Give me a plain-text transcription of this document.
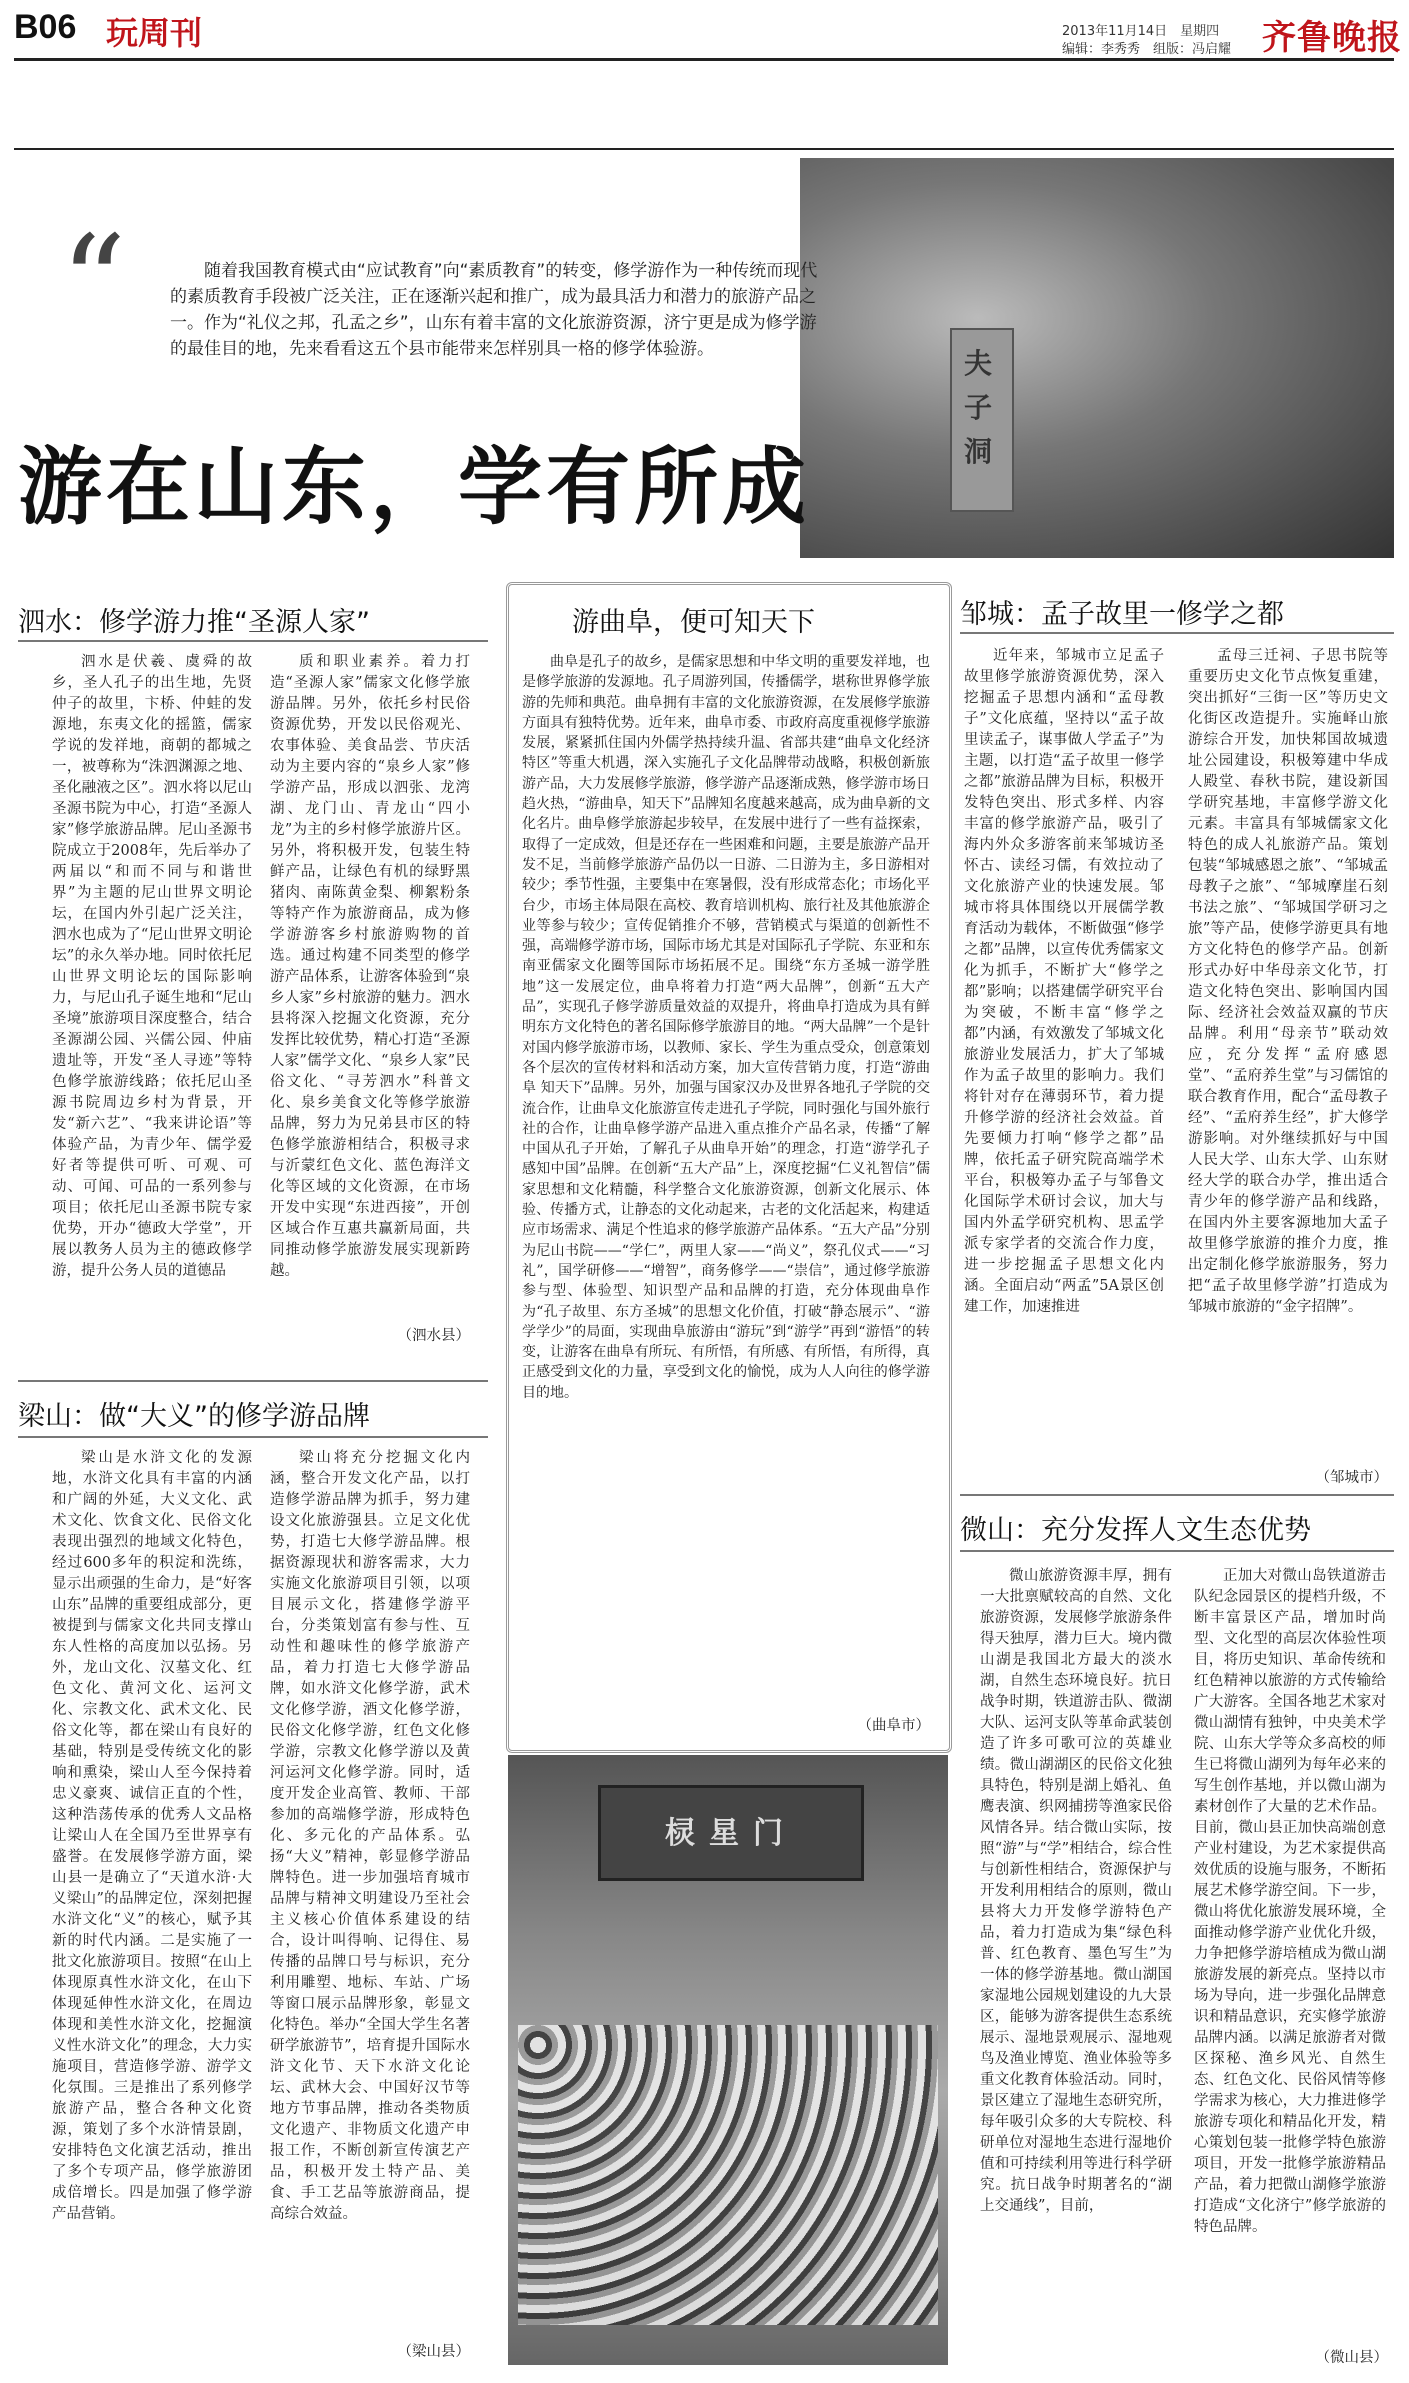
B06 玩周刊	2013年11月14日　星期四
编辑：李秀秀　组版：冯启耀 齐鲁晚报
夫子洞
“	随着我国教育模式由“应试教育”向“素质教育”的转变，修学游作为一种传统而现代的素质教育手段被广泛关注，正在逐渐兴起和推广，成为最具活力和潜力的旅游产品之一。作为“礼仪之邦，孔孟之乡”，山东有着丰富的文化旅游资源，济宁更是成为修学游的最佳目的地，先来看看这五个县市能带来怎样别具一格的修学体验游。
游在山东，学有所成
泗水：修学游力推“圣源人家”

泗水是伏羲、虞舜的故乡，圣人孔子的出生地，先贤仲子的故里，卞桥、仲蛙的发源地，东夷文化的摇篮，儒家学说的发祥地，商朝的都城之一，被尊称为“洙泗渊源之地、圣化融液之区”。泗水将以尼山圣源书院为中心，打造“圣源人家”修学旅游品牌。尼山圣源书院成立于2008年，先后举办了两届以“和而不同与和谐世界”为主题的尼山世界文明论坛，在国内外引起广泛关注，泗水也成为了“尼山世界文明论坛”的永久举办地。同时依托尼山世界文明论坛的国际影响力，与尼山孔子诞生地和“尼山圣境”旅游项目深度整合，结合圣源湖公园、兴儒公园、仲庙遗址等，开发“圣人寻迹”等特色修学旅游线路；依托尼山圣源书院周边乡村为背景，开发“新六艺”、“我来讲论语”等体验产品，为青少年、儒学爱好者等提供可听、可观、可动、可闻、可品的一系列参与项目；依托尼山圣源书院专家优势，开办“德政大学堂”，开展以教务人员为主的德政修学游，提升公务人员的道德品

质和职业素养。着力打造“圣源人家”儒家文化修学旅游品牌。另外，依托乡村民俗资源优势，开发以民俗观光、农事体验、美食品尝、节庆活动为主要内容的“泉乡人家”修学游产品，形成以泗张、龙湾湖、龙门山、青龙山“四小龙”为主的乡村修学旅游片区。另外，将积极开发，包装生特鲜产品，让绿色有机的绿野黑猪肉、南陈黄金梨、柳絮粉条等特产作为旅游商品，成为修学游游客乡村旅游购物的首选。通过构建不同类型的修学游产品体系，让游客体验到“泉乡人家”乡村旅游的魅力。泗水县将深入挖掘文化资源，充分发挥比较优势，精心打造“圣源人家”儒学文化、“泉乡人家”民俗文化、“寻芳泗水”科普文化、泉乡美食文化等修学旅游品牌，努力为兄弟县市区的特色修学旅游相结合，积极寻求与沂蒙红色文化、蓝色海洋文化等区域的文化资源，在市场开发中实现“东进西接”，开创区域合作互惠共赢新局面，共同推动修学旅游发展实现新跨越。

（泗水县）
梁山：做“大义”的修学游品牌

梁山是水浒文化的发源地，水浒文化具有丰富的内涵和广阔的外延，大义文化、武术文化、饮食文化、民俗文化表现出强烈的地域文化特色，经过600多年的积淀和洗练，显示出顽强的生命力，是“好客山东”品牌的重要组成部分，更被提到与儒家文化共同支撑山东人性格的高度加以弘扬。另外，龙山文化、汉墓文化、红色文化、黄河文化、运河文化、宗教文化、武术文化、民俗文化等，都在梁山有良好的基础，特别是受传统文化的影响和熏染，梁山人至今保持着忠义豪爽、诚信正直的个性，这种浩荡传承的优秀人文品格让梁山人在全国乃至世界享有盛誉。在发展修学游方面，梁山县一是确立了“天道水浒·大义梁山”的品牌定位，深刻把握水浒文化“义”的核心，赋予其新的时代内涵。二是实施了一批文化旅游项目。按照“在山上体现原真性水浒文化，在山下体现延伸性水浒文化，在周边体现和美性水浒文化，挖掘演义性水浒文化”的理念，大力实施项目，营造修学游、游学文化氛围。三是推出了系列修学旅游产品，整合各种文化资源，策划了多个水浒情景剧，安排特色文化演艺活动，推出了多个专项产品，修学旅游团成倍增长。四是加强了修学游产品营销。

梁山将充分挖掘文化内涵，整合开发文化产品，以打造修学游品牌为抓手，努力建设文化旅游强县。立足文化优势，打造七大修学游品牌。根据资源现状和游客需求，大力实施文化旅游项目引领，以项目展示文化，搭建修学游平台，分类策划富有参与性、互动性和趣味性的修学旅游产品，着力打造七大修学游品牌，如水浒文化修学游，武术文化修学游，酒文化修学游，民俗文化修学游，红色文化修学游，宗教文化修学游以及黄河运河文化修学游。同时，适度开发企业高管、教师、干部参加的高端修学游，形成特色化、多元化的产品体系。弘扬“大义”精神，彰显修学游品牌特色。进一步加强培育城市品牌与精神文明建设乃至社会主义核心价值体系建设的结合，设计叫得响、记得住、易传播的品牌口号与标识，充分利用雕塑、地标、车站、广场等窗口展示品牌形象，彰显文化特色。举办“全国大学生名著研学旅游节”，培育提升国际水浒文化节、天下水浒文化论坛、武林大会、中国好汉节等地方节事品牌，推动各类物质文化遗产、非物质文化遗产申报工作，不断创新宣传演艺产品，积极开发土特产品、美食、手工艺品等旅游商品，提高综合效益。

（梁山县）
游曲阜，便可知天下

曲阜是孔子的故乡，是儒家思想和中华文明的重要发祥地，也是修学旅游的发源地。孔子周游列国，传播儒学，堪称世界修学旅游的先师和典范。曲阜拥有丰富的文化旅游资源，在发展修学旅游方面具有独特优势。近年来，曲阜市委、市政府高度重视修学旅游发展，紧紧抓住国内外儒学热持续升温、省部共建“曲阜文化经济特区”等重大机遇，深入实施孔子文化品牌带动战略，积极创新旅游产品，大力发展修学旅游，修学游产品逐渐成熟，修学游市场日趋火热，“游曲阜，知天下”品牌知名度越来越高，成为曲阜新的文化名片。曲阜修学旅游起步较早，在发展中进行了一些有益探索，取得了一定成效，但是还存在一些困难和问题，主要是旅游产品开发不足，当前修学旅游产品仍以一日游、二日游为主，多日游相对较少；季节性强，主要集中在寒暑假，没有形成常态化；市场化平台少，市场主体局限在高校、教育培训机构、旅行社及其他旅游企业等参与较少；宣传促销推介不够，营销模式与渠道的创新性不强，高端修学游市场，国际市场尤其是对国际孔子学院、东亚和东南亚儒家文化圈等国际市场拓展不足。围绕“东方圣城一游学胜地”这一发展定位，曲阜将着力打造“两大品牌”，创新“五大产品”，实现孔子修学游质量效益的双提升，将曲阜打造成为具有鲜明东方文化特色的著名国际修学旅游目的地。“两大品牌”一个是针对国内修学旅游市场，以教师、家长、学生为重点受众，创意策划各个层次的宣传材料和活动方案，加大宣传营销力度，打造“游曲阜 知天下”品牌。另外，加强与国家汉办及世界各地孔子学院的交流合作，让曲阜文化旅游宣传走进孔子学院，同时强化与国外旅行社的合作，让曲阜修学游产品进入重点推介产品名录，传播“了解中国从孔子开始，了解孔子从曲阜开始”的理念，打造“游学孔子 感知中国”品牌。在创新“五大产品”上，深度挖掘“仁义礼智信”儒家思想和文化精髓，科学整合文化旅游资源，创新文化展示、体验、传播方式，让静态的文化动起来，古老的文化活起来，构建适应市场需求、满足个性追求的修学旅游产品体系。“五大产品”分别为尼山书院——“学仁”，两里人家——“尚义”，祭孔仪式——“习礼”，国学研修——“增智”，商务修学——“崇信”，通过修学旅游参与型、体验型、知识型产品和品牌的打造，充分体现曲阜作为“孔子故里、东方圣城”的思想文化价值，打破“静态展示”、“游学学少”的局面，实现曲阜旅游由“游玩”到“游学”再到“游悟”的转变，让游客在曲阜有所玩、有所悟，有所感、有所悟，有所得，真正感受到文化的力量，享受到文化的愉悦，成为人人向往的修学游目的地。

（曲阜市）
棂星门
邹城：孟子故里一修学之都

近年来，邹城市立足孟子故里修学旅游资源优势，深入挖掘孟子思想内涵和“孟母教子”文化底蕴，坚持以“孟子故里读孟子，谋事做人学孟子”为主题，以打造“孟子故里一修学之都”旅游品牌为目标，积极开发特色突出、形式多样、内容丰富的修学旅游产品，吸引了海内外众多游客前来邹城访圣怀古、读经习儒，有效拉动了文化旅游产业的快速发展。邹城市将具体围绕以开展儒学教育活动为载体，不断做强“修学之都”品牌，以宣传优秀儒家文化为抓手，不断扩大“修学之都”影响；以搭建儒学研究平台为突破，不断丰富“修学之都”内涵，有效激发了邹城文化旅游业发展活力，扩大了邹城作为孟子故里的影响力。我们将针对存在薄弱环节，着力提升修学游的经济社会效益。首先要倾力打响“修学之都”品牌，依托孟子研究院高端学术平台，积极筹办孟子与邹鲁文化国际学术研讨会议，加大与国内外孟学研究机构、思孟学派专家学者的交流合作力度，进一步挖掘孟子思想文化内涵。全面启动“两孟”5A景区创建工作，加速推进

孟母三迁祠、子思书院等重要历史文化节点恢复重建，突出抓好“三街一区”等历史文化街区改造提升。实施峄山旅游综合开发，加快邾国故城遗址公园建设，积极筹建中华成人殿堂、春秋书院，建设新国学研究基地，丰富修学游文化元素。丰富具有邹城儒家文化特色的成人礼旅游产品。策划包装“邹城感恩之旅”、“邹城孟母教子之旅”、“邹城摩崖石刻书法之旅”、“邹城国学研习之旅”等产品，使修学游更具有地方文化特色的修学产品。创新形式办好中华母亲文化节，打造文化特色突出、影响国内国际、经济社会效益双赢的节庆品牌。利用“母亲节”联动效应，充分发挥“孟府感恩堂”、“孟府养生堂”与习儒馆的联合教育作用，配合“孟母教子经”、“孟府养生经”，扩大修学游影响。对外继续抓好与中国人民大学、山东大学、山东财经大学的联合办学，推出适合青少年的修学游产品和线路，在国内外主要客源地加大孟子故里修学旅游的推介力度，推出定制化修学旅游服务，努力把“孟子故里修学游”打造成为邹城市旅游的“金字招牌”。

（邹城市）
微山：充分发挥人文生态优势

微山旅游资源丰厚，拥有一大批禀赋较高的自然、文化旅游资源，发展修学旅游条件得天独厚，潜力巨大。境内微山湖是我国北方最大的淡水湖，自然生态环境良好。抗日战争时期，铁道游击队、微湖大队、运河支队等革命武装创造了许多可歌可泣的英雄业绩。微山湖湖区的民俗文化独具特色，特别是湖上婚礼、鱼鹰表演、织网捕捞等渔家民俗风情各异。结合微山实际，按照“游”与“学”相结合，综合性与创新性相结合，资源保护与开发利用相结合的原则，微山县将大力开发修学游特色产品，着力打造成为集“绿色科普、红色教育、墨色写生”为一体的修学游基地。微山湖国家湿地公园规划建设的九大景区，能够为游客提供生态系统展示、湿地景观展示、湿地观鸟及渔业博览、渔业体验等多重文化教育体验活动。同时，景区建立了湿地生态研究所，每年吸引众多的大专院校、科研单位对湿地生态进行湿地价值和可持续利用等进行科学研究。抗日战争时期著名的“湖上交通线”，目前，

正加大对微山岛铁道游击队纪念园景区的提档升级，不断丰富景区产品，增加时尚型、文化型的高层次体验性项目，将历史知识、革命传统和红色精神以旅游的方式传输给广大游客。全国各地艺术家对微山湖情有独钟，中央美术学院、山东大学等众多高校的师生已将微山湖列为每年必来的写生创作基地，并以微山湖为素材创作了大量的艺术作品。目前，微山县正加快高端创意产业村建设，为艺术家提供高效优质的设施与服务，不断拓展艺术修学游空间。下一步，微山将优化旅游发展环境，全面推动修学游产业优化升级，力争把修学游培植成为微山湖旅游发展的新亮点。坚持以市场为导向，进一步强化品牌意识和精品意识，充实修学旅游品牌内涵。以满足旅游者对微区探秘、渔乡风光、自然生态、红色文化、民俗风情等修学需求为核心，大力推进修学旅游专项化和精品化开发，精心策划包装一批修学特色旅游项目，开发一批修学旅游精品产品，着力把微山湖修学旅游打造成“文化济宁”修学旅游的特色品牌。

（微山县）
